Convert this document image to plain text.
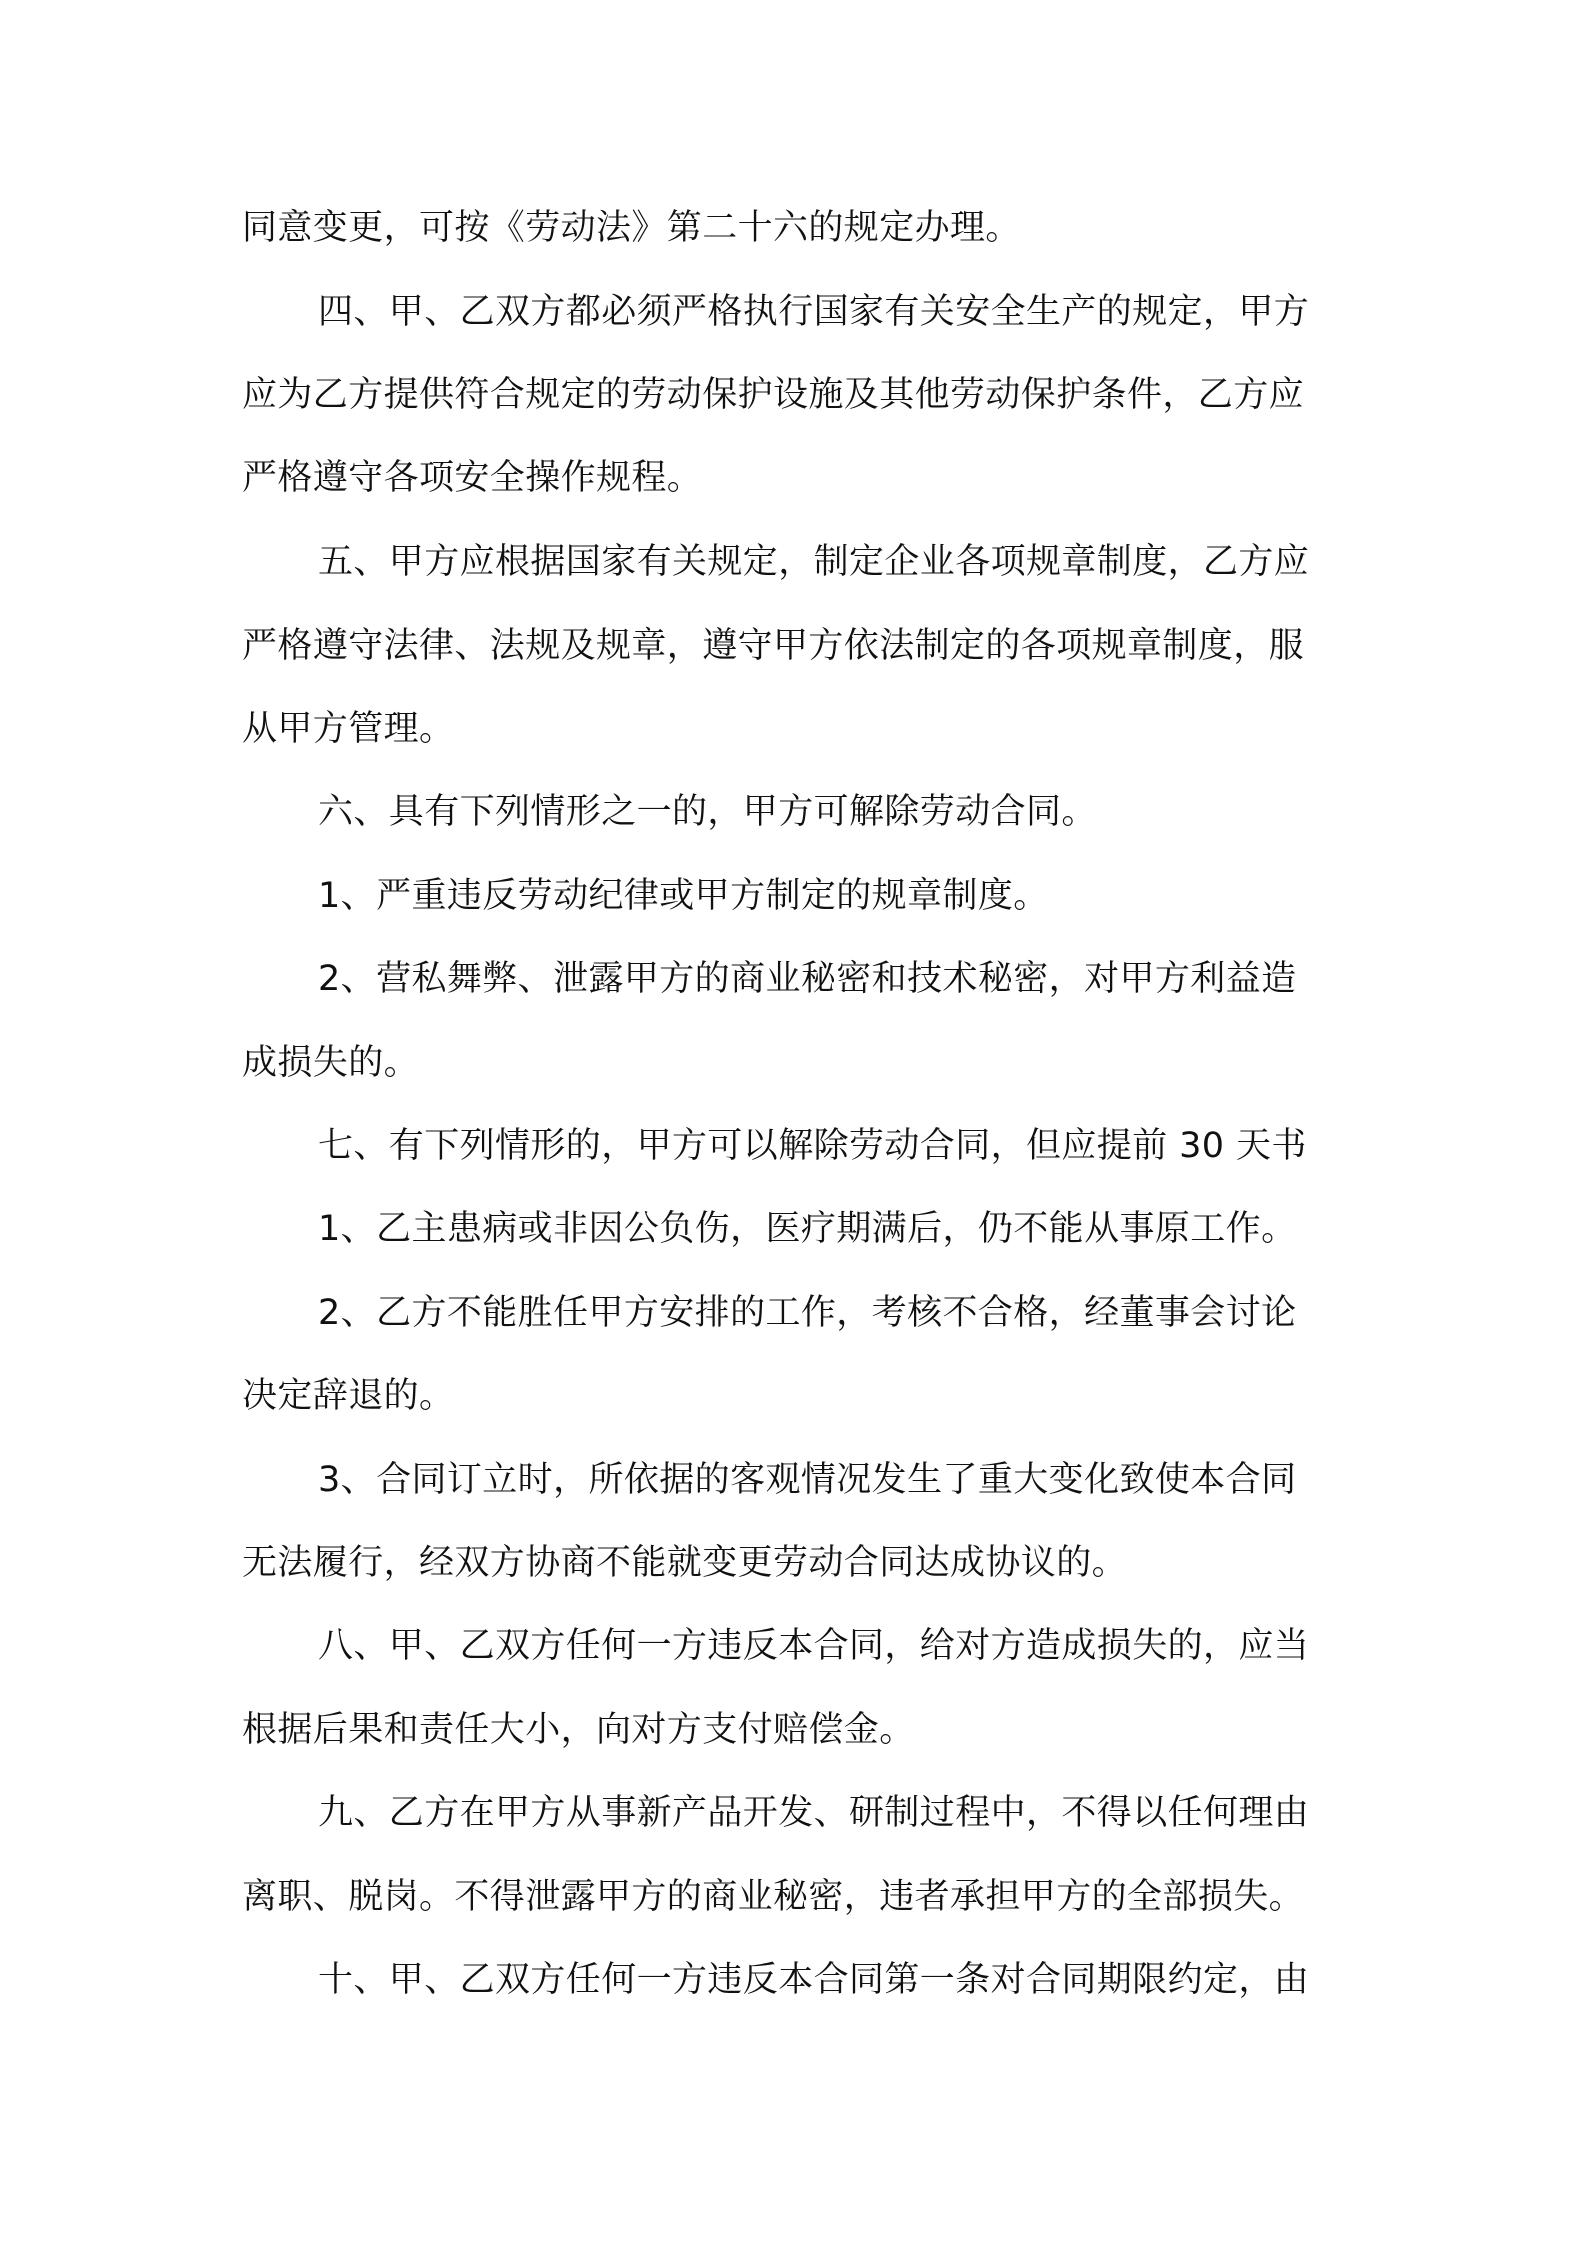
同意变更，可按《劳动法》第二十六的规定办理。
四、甲、乙双方都必须严格执行国家有关安全生产的规定，甲方
应为乙方提供符合规定的劳动保护设施及其他劳动保护条件，乙方应
严格遵守各项安全操作规程。
五、甲方应根据国家有关规定，制定企业各项规章制度，乙方应
严格遵守法律、法规及规章，遵守甲方依法制定的各项规章制度，服
从甲方管理。
六、具有下列情形之一的，甲方可解除劳动合同。
1、严重违反劳动纪律或甲方制定的规章制度。
2、营私舞弊、泄露甲方的商业秘密和技术秘密，对甲方利益造
成损失的。
七、有下列情形的，甲方可以解除劳动合同，但应提前 30 天书
1、乙主患病或非因公负伤，医疗期满后，仍不能从事原工作。
2、乙方不能胜任甲方安排的工作，考核不合格，经董事会讨论
决定辞退的。
3、合同订立时，所依据的客观情况发生了重大变化致使本合同
无法履行，经双方协商不能就变更劳动合同达成协议的。
八、甲、乙双方任何一方违反本合同，给对方造成损失的，应当
根据后果和责任大小，向对方支付赔偿金。
九、乙方在甲方从事新产品开发、研制过程中，不得以任何理由
离职、脱岗。不得泄露甲方的商业秘密，违者承担甲方的全部损失。
十、甲、乙双方任何一方违反本合同第一条对合同期限约定，由
